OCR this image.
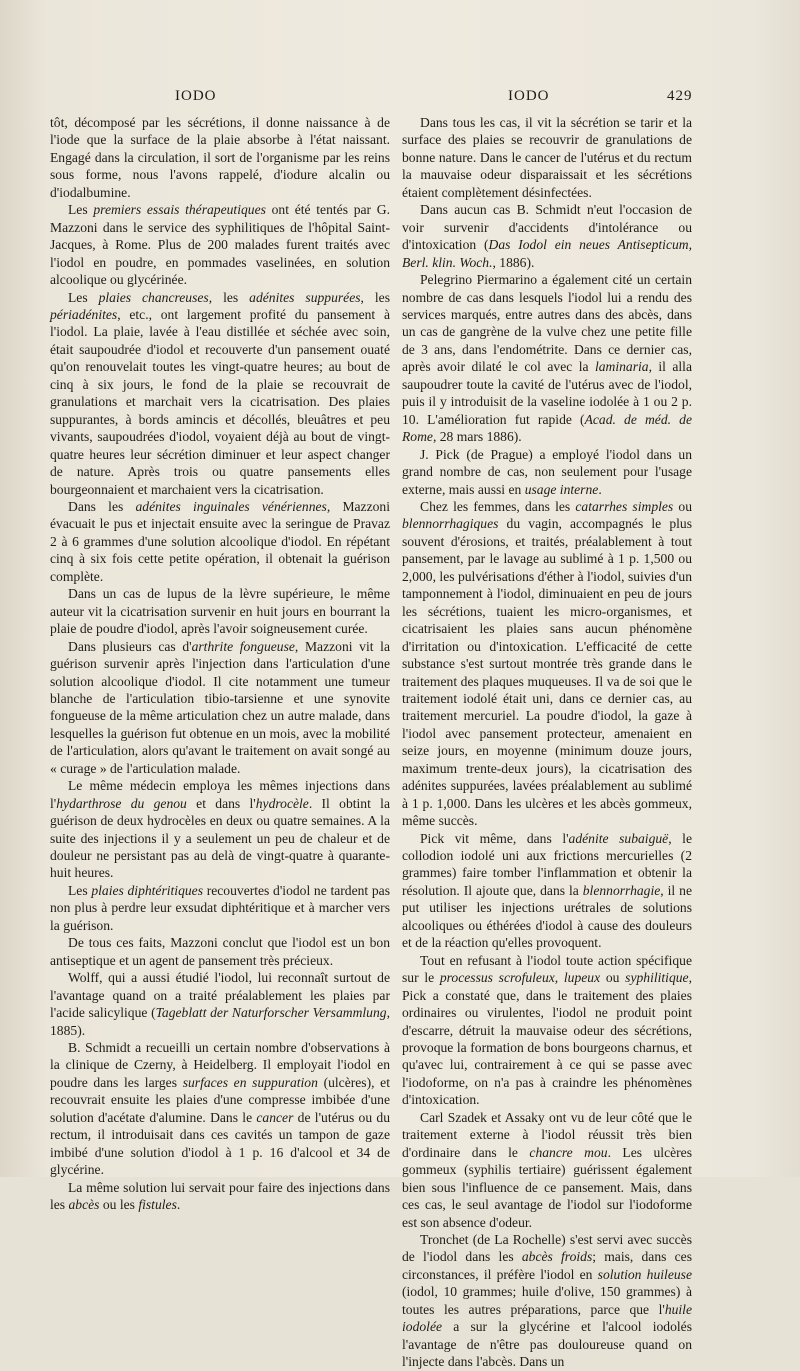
IODO	IODO	429

tôt, décomposé par les sécrétions, il donne naissance à de l'iode que la surface de la plaie absorbe à l'état naissant. Engagé dans la circulation, il sort de l'organisme par les reins sous forme, nous l'avons rappelé, d'iodure alcalin ou d'iodalbumine.

Les premiers essais thérapeutiques ont été tentés par G. Mazzoni dans le service des syphilitiques de l'hôpital Saint-Jacques, à Rome. Plus de 200 malades furent traités avec l'iodol en poudre, en pommades vaselinées, en solution alcoolique ou glycérinée.

Les plaies chancreuses, les adénites suppurées, les périadénites, etc., ont largement profité du pansement à l'iodol. La plaie, lavée à l'eau distillée et séchée avec soin, était saupoudrée d'iodol et recouverte d'un pansement ouaté qu'on renouvelait toutes les vingt-quatre heures; au bout de cinq à six jours, le fond de la plaie se recouvrait de granulations et marchait vers la cicatrisation. Des plaies suppurantes, à bords amincis et décollés, bleuâtres et peu vivants, saupoudrées d'iodol, voyaient déjà au bout de vingt-quatre heures leur sécrétion diminuer et leur aspect changer de nature. Après trois ou quatre pansements elles bourgeonnaient et marchaient vers la cicatrisation.

Dans les adénites inguinales vénériennes, Mazzoni évacuait le pus et injectait ensuite avec la seringue de Pravaz 2 à 6 grammes d'une solution alcoolique d'iodol. En répétant cinq à six fois cette petite opération, il obtenait la guérison complète.

Dans un cas de lupus de la lèvre supérieure, le même auteur vit la cicatrisation survenir en huit jours en bourrant la plaie de poudre d'iodol, après l'avoir soigneusement curée.

Dans plusieurs cas d'arthrite fongueuse, Mazzoni vit la guérison survenir après l'injection dans l'articulation d'une solution alcoolique d'iodol. Il cite notamment une tumeur blanche de l'articulation tibio-tarsienne et une synovite fongueuse de la même articulation chez un autre malade, dans lesquelles la guérison fut obtenue en un mois, avec la mobilité de l'articulation, alors qu'avant le traitement on avait songé au « curage » de l'articulation malade.

Le même médecin employa les mêmes injections dans l'hydarthrose du genou et dans l'hydrocèle. Il obtint la guérison de deux hydrocèles en deux ou quatre semaines. A la suite des injections il y a seulement un peu de chaleur et de douleur ne persistant pas au delà de vingt-quatre à quarante-huit heures.

Les plaies diphtéritiques recouvertes d'iodol ne tardent pas non plus à perdre leur exsudat diphtéritique et à marcher vers la guérison.

De tous ces faits, Mazzoni conclut que l'iodol est un bon antiseptique et un agent de pansement très précieux.

Wolff, qui a aussi étudié l'iodol, lui reconnaît surtout de l'avantage quand on a traité préalablement les plaies par l'acide salicylique (Tageblatt der Naturforscher Versammlung, 1885).

B. Schmidt a recueilli un certain nombre d'observations à la clinique de Czerny, à Heidelberg. Il employait l'iodol en poudre dans les larges surfaces en suppuration (ulcères), et recouvrait ensuite les plaies d'une compresse imbibée d'une solution d'acétate d'alumine. Dans le cancer de l'utérus ou du rectum, il introduisait dans ces cavités un tampon de gaze imbibé d'une solution d'iodol à 1 p. 16 d'alcool et 34 de glycérine.

La même solution lui servait pour faire des injections dans les abcès ou les fistules.

Dans tous les cas, il vit la sécrétion se tarir et la surface des plaies se recouvrir de granulations de bonne nature. Dans le cancer de l'utérus et du rectum la mauvaise odeur disparaissait et les sécrétions étaient complètement désinfectées.

Dans aucun cas B. Schmidt n'eut l'occasion de voir survenir d'accidents d'intolérance ou d'intoxication (Das Iodol ein neues Antisepticum, Berl. klin. Woch., 1886).

Pelegrino Piermarino a également cité un certain nombre de cas dans lesquels l'iodol lui a rendu des services marqués, entre autres dans des abcès, dans un cas de gangrène de la vulve chez une petite fille de 3 ans, dans l'endométrite. Dans ce dernier cas, après avoir dilaté le col avec la laminaria, il alla saupoudrer toute la cavité de l'utérus avec de l'iodol, puis il y introduisit de la vaseline iodolée à 1 ou 2 p. 10. L'amélioration fut rapide (Acad. de méd. de Rome, 28 mars 1886).

J. Pick (de Prague) a employé l'iodol dans un grand nombre de cas, non seulement pour l'usage externe, mais aussi en usage interne.

Chez les femmes, dans les catarrhes simples ou blennorrhagiques du vagin, accompagnés le plus souvent d'érosions, et traités, préalablement à tout pansement, par le lavage au sublimé à 1 p. 1,500 ou 2,000, les pulvérisations d'éther à l'iodol, suivies d'un tamponnement à l'iodol, diminuaient en peu de jours les sécrétions, tuaient les micro-organismes, et cicatrisaient les plaies sans aucun phénomène d'irritation ou d'intoxication. L'efficacité de cette substance s'est surtout montrée très grande dans le traitement des plaques muqueuses. Il va de soi que le traitement iodolé était uni, dans ce dernier cas, au traitement mercuriel. La poudre d'iodol, la gaze à l'iodol avec pansement protecteur, amenaient en seize jours, en moyenne (minimum douze jours, maximum trente-deux jours), la cicatrisation des adénites suppurées, lavées préalablement au sublimé à 1 p. 1,000. Dans les ulcères et les abcès gommeux, même succès.

Pick vit même, dans l'adénite subaiguë, le collodion iodolé uni aux frictions mercurielles (2 grammes) faire tomber l'inflammation et obtenir la résolution. Il ajoute que, dans la blennorrhagie, il ne put utiliser les injections urétrales de solutions alcooliques ou éthérées d'iodol à cause des douleurs et de la réaction qu'elles provoquent.

Tout en refusant à l'iodol toute action spécifique sur le processus scrofuleux, lupeux ou syphilitique, Pick a constaté que, dans le traitement des plaies ordinaires ou virulentes, l'iodol ne produit point d'escarre, détruit la mauvaise odeur des sécrétions, provoque la formation de bons bourgeons charnus, et qu'avec lui, contrairement à ce qui se passe avec l'iodoforme, on n'a pas à craindre les phénomènes d'intoxication.

Carl Szadek et Assaky ont vu de leur côté que le traitement externe à l'iodol réussit très bien d'ordinaire dans le chancre mou. Les ulcères gommeux (syphilis tertiaire) guérissent également bien sous l'influence de ce pansement. Mais, dans ces cas, le seul avantage de l'iodol sur l'iodoforme est son absence d'odeur.

Tronchet (de La Rochelle) s'est servi avec succès de l'iodol dans les abcès froids; mais, dans ces circonstances, il préfère l'iodol en solution huileuse (iodol, 10 grammes; huile d'olive, 150 grammes) à toutes les autres préparations, parce que l'huile iodolée a sur la glycérine et l'alcool iodolés l'avantage de n'être pas douloureuse quand on l'injecte dans l'abcès. Dans un
